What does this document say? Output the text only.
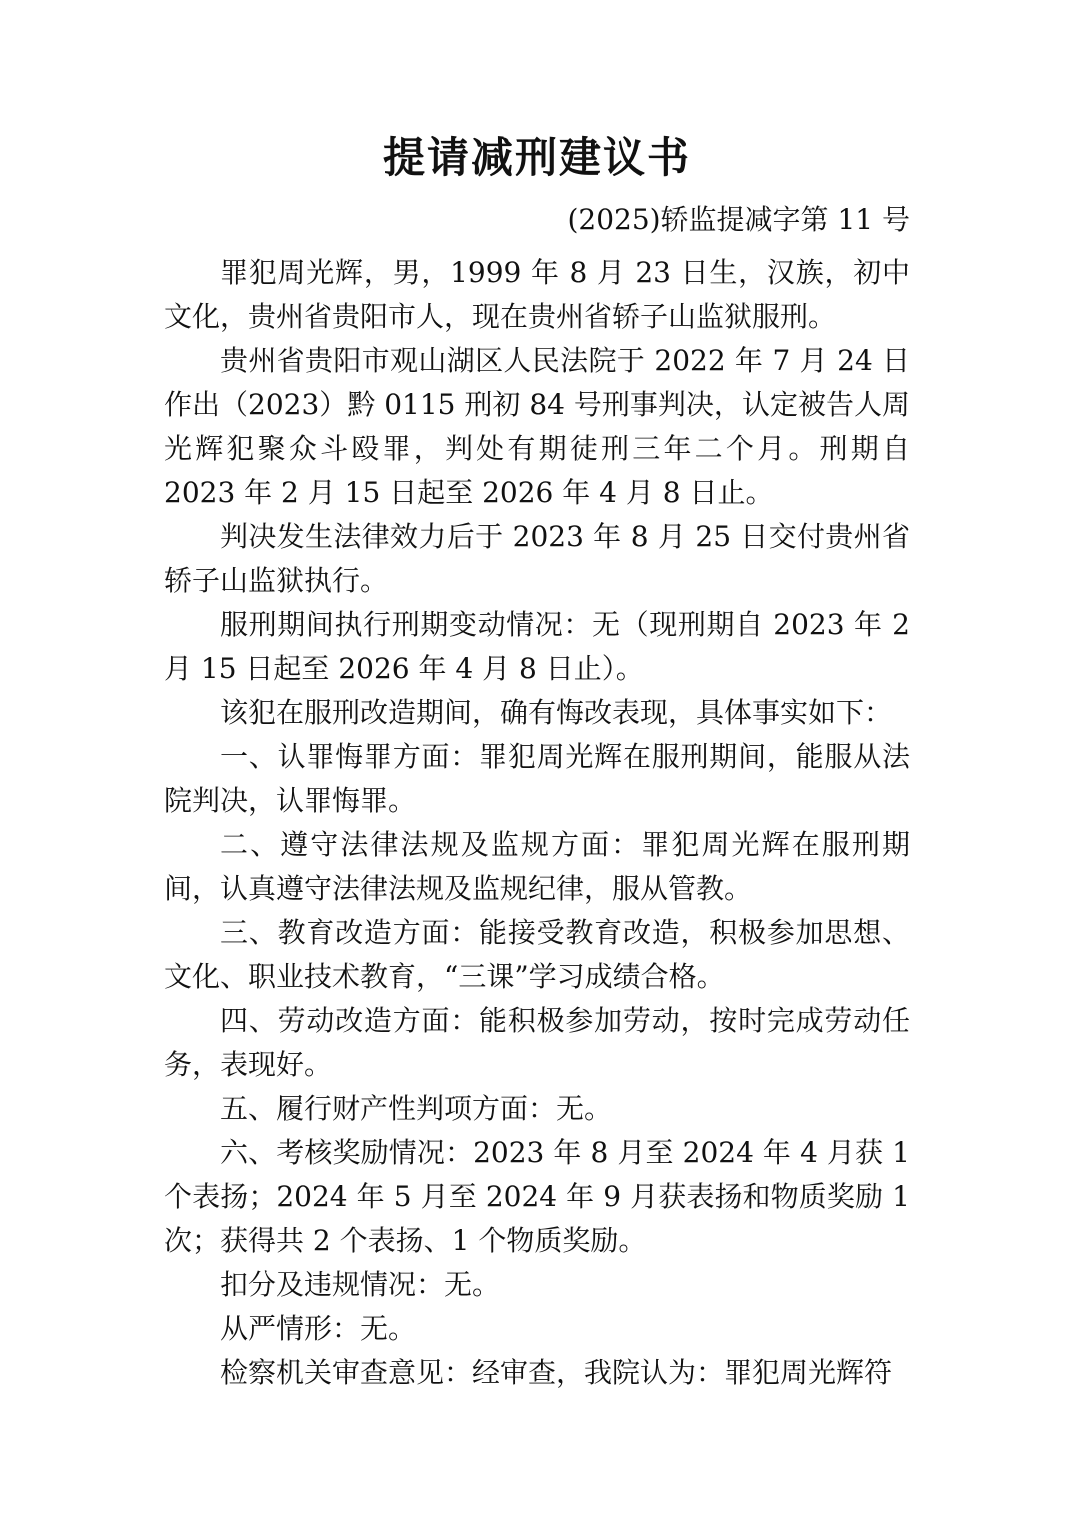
提请减刑建议书
(2025)轿监提减字第 11 号

罪犯周光辉，男，1999 年 8 月 23 日生，汉族，初中文化，贵州省贵阳市人，现在贵州省轿子山监狱服刑。

贵州省贵阳市观山湖区人民法院于 2022 年 7 月 24 日作出（2023）黔 0115 刑初 84 号刑事判决，认定被告人周光辉犯聚众斗殴罪，判处有期徒刑三年二个月。刑期自 2023 年 2 月 15 日起至 2026 年 4 月 8 日止。

判决发生法律效力后于 2023 年 8 月 25 日交付贵州省轿子山监狱执行。

服刑期间执行刑期变动情况：无（现刑期自 2023 年 2 月 15 日起至 2026 年 4 月 8 日止）。

该犯在服刑改造期间，确有悔改表现，具体事实如下：

一、认罪悔罪方面：罪犯周光辉在服刑期间，能服从法院判决，认罪悔罪。

二、遵守法律法规及监规方面：罪犯周光辉在服刑期间，认真遵守法律法规及监规纪律，服从管教。

三、教育改造方面：能接受教育改造，积极参加思想、文化、职业技术教育，“三课”学习成绩合格。

四、劳动改造方面：能积极参加劳动，按时完成劳动任务，表现好。

五、履行财产性判项方面：无。

六、考核奖励情况：2023 年 8 月至 2024 年 4 月获 1 个表扬；2024 年 5 月至 2024 年 9 月获表扬和物质奖励 1 次；获得共 2 个表扬、1 个物质奖励。

扣分及违规情况：无。

从严情形：无。

检察机关审查意见：经审查，我院认为：罪犯周光辉符
